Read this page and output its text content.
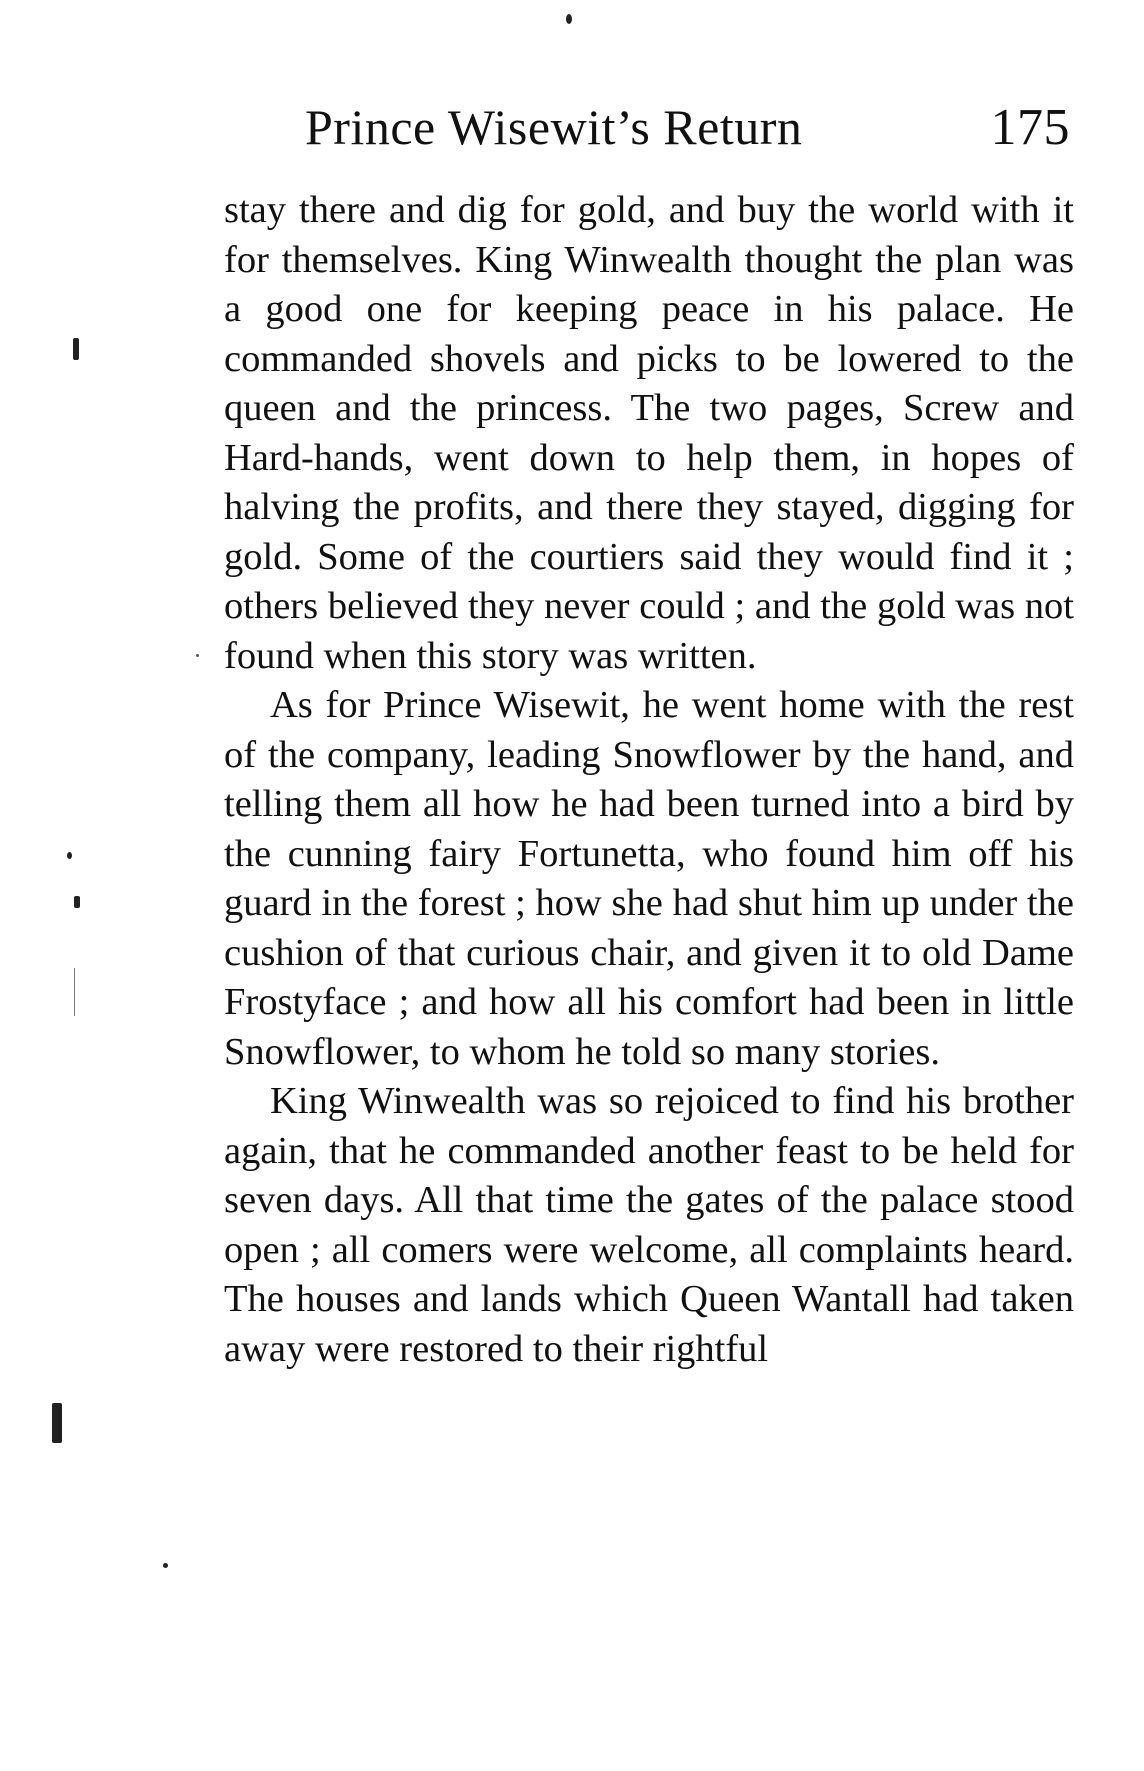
Prince Wisewit’s Return	175

stay there and dig for gold, and buy the world with it for themselves. King Winwealth thought the plan was a good one for keeping peace in his palace. He commanded shovels and picks to be lowered to the queen and the princess. The two pages, Screw and Hard-hands, went down to help them, in hopes of halving the profits, and there they stayed, digging for gold. Some of the courtiers said they would find it ; others believed they never could ; and the gold was not found when this story was written.

As for Prince Wisewit, he went home with the rest of the company, leading Snowflower by the hand, and telling them all how he had been turned into a bird by the cunning fairy Fortunetta, who found him off his guard in the forest ; how she had shut him up under the cushion of that curious chair, and given it to old Dame Frostyface ; and how all his comfort had been in little Snowflower, to whom he told so many stories.

King Winwealth was so rejoiced to find his brother again, that he commanded another feast to be held for seven days. All that time the gates of the palace stood open ; all comers were welcome, all complaints heard. The houses and lands which Queen Wantall had taken away were restored to their rightful
